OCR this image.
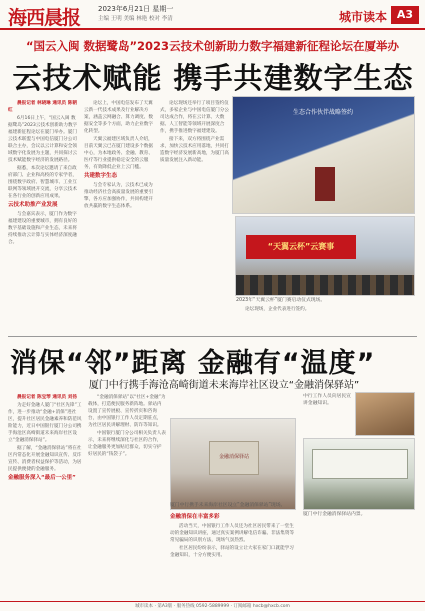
海西晨报	2023年6月21日 星期一
主编 王明 美编 林艳 校对 李清	城市读本 A3
“国云入闽 数据鹭岛”2023云技术创新助力数字福建新征程论坛在厦举办
云技术赋能 携手共建数字生态

晨报记者 林晓琳 通讯员 陈朝红

6月16日上午，“国云入闽 数据鹭岛”2023云技术创新助力数字福建新征程论坛在厦门举办。厦门云技术联盟与中国电信厦门分公司联合主办，会议以云计算和安全领域数字化发展为主题，共同探讨云技术赋能数字经济的发展路径。

据悉，本次论坛邀请了来自政府部门、企业和高校的专家学者，围绕数字政府、智慧城市、工业互联网等领域展开交流，分享云技术在各行业的创新应用成果。

云技术助推产业发展

与会嘉宾表示，厦门作为数字福建建设的重要城市，拥有良好的数字基础设施和产业生态，未来将持续推动云计算与实体经济深度融合。

论坛上，中国电信发布了天翼云新一代技术成果及行业解决方案，涵盖云网融合、算力调度、数据安全等多个方面，助力企业数字化转型。

天翼云福建区域负责人介绍，目前天翼云已在厦门建设多个数据中心，为本地政务、金融、教育、医疗等行业提供稳定安全的云服务，有效降低企业上云门槛。

共建数字生态

与会专家认为，云技术已成为推动经济社会高质量发展的重要引擎，各方应加强协作，共同构建开放共赢的数字生态体系。

论坛现场还举行了项目签约仪式，多家企业与中国电信厦门分公司达成合作，将在云计算、大数据、人工智能等领域开展深度合作，携手推进数字福建建设。

接下来，双方将围绕产业需求，加快云技术应用落地，共同打造数字经济发展新高地，为厦门高质量发展注入新动能。

生态合作伙伴战略签约
“天翼云杯”云赛事
2023年“天翼云杯”厦门赛启动仪式现场。

论坛现场，企业代表进行签约。

消保“邻”距离 金融有“温度”
厦门中行携手海沧高崎街道未来海岸社区设立“金融消保驿站”

晨报记者 陈宝琴 通讯员 刘扬

为走好金融人厦门“社区先锋”工作，进一步推动“金融+消保”进社区，提升社区居民金融素养和防范风险能力，近日中国银行厦门分公司携手海沧区高崎街道未来海岸社区设立“金融消保驿站”。

据了解，“金融消保驿站”将在社区内常态化开展金融知识宣传、反诈宣传、消费者权益保护等活动，为居民提供便捷的金融服务。

金融服务深入“最后一公里”

“金融消保驿站”以“社区+金融”为载体，打造便民服务新阵地。驿站内设置了宣传展板、宣传折页和咨询台，由中国银行工作人员定期驻点，为社区居民讲解理财、防诈等知识。

中国银行厦门分公司相关负责人表示，未来将继续深化与社区的合作，让金融服务更加贴近群众，切实守护好居民的“钱袋子”。

金融消保在丰富多彩

活动当天，中国银行工作人员还为社区居民带来了一堂生动的金融知识讲座，通过真实案例讲解电信诈骗、非法集资等常见骗局的识别方法，现场气氛热烈。

社区居民纷纷表示，驿站的设立让大家在家门口就能学习金融知识，十分方便实用。

金融消保驿站
厦门中行携手未来海岸社区设立“金融消保驿站”现场。
中行工作人员向居民宣讲金融知识。
厦门中行金融消保驿站内景。
城市读本 · 第A3版 · 服务热线 0592-5889999 · 订阅邮箱 hxcb@hxcb.com
